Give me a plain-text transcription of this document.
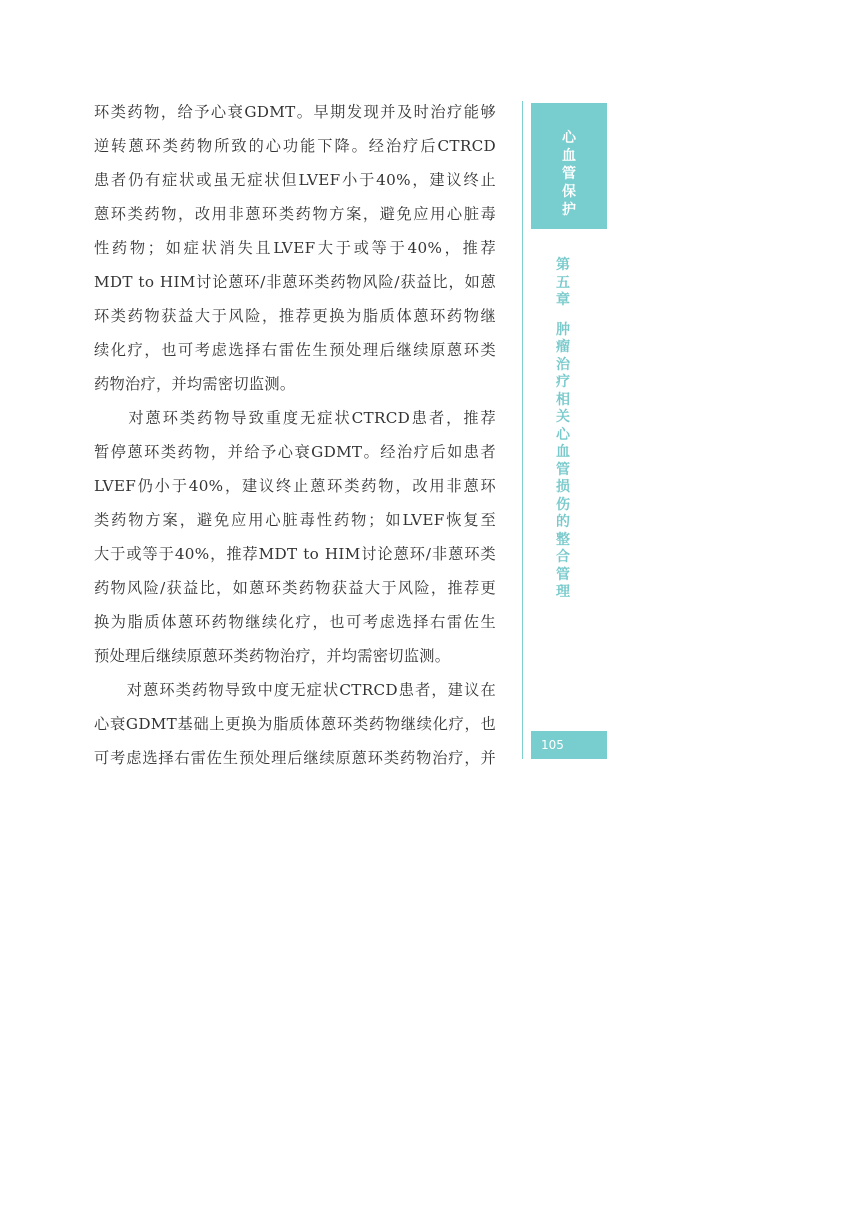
环类药物，给予心衰GDMT。早期发现并及时治疗能够
逆转蒽环类药物所致的心功能下降。经治疗后CTRCD
患者仍有症状或虽无症状但LVEF小于40%，建议终止
蒽环类药物，改用非蒽环类药物方案，避免应用心脏毒
性药物；如症状消失且LVEF大于或等于40%，推荐
MDT to HIM讨论蒽环/非蒽环类药物风险/获益比，如蒽
环类药物获益大于风险，推荐更换为脂质体蒽环药物继
续化疗，也可考虑选择右雷佐生预处理后继续原蒽环类
药物治疗，并均需密切监测。
　　对蒽环类药物导致重度无症状CTRCD患者，推荐
暂停蒽环类药物，并给予心衰GDMT。经治疗后如患者
LVEF仍小于40%，建议终止蒽环类药物，改用非蒽环
类药物方案，避免应用心脏毒性药物；如LVEF恢复至
大于或等于40%，推荐MDT to HIM讨论蒽环/非蒽环类
药物风险/获益比，如蒽环类药物获益大于风险，推荐更
换为脂质体蒽环药物继续化疗，也可考虑选择右雷佐生
预处理后继续原蒽环类药物治疗，并均需密切监测。
　　对蒽环类药物导致中度无症状CTRCD患者，建议在
心衰GDMT基础上更换为脂质体蒽环类药物继续化疗，也
可考虑选择右雷佐生预处理后继续原蒽环类药物治疗，并
心血管保护
第五章
肿瘤治疗相关心血管损伤的整合管理
105
